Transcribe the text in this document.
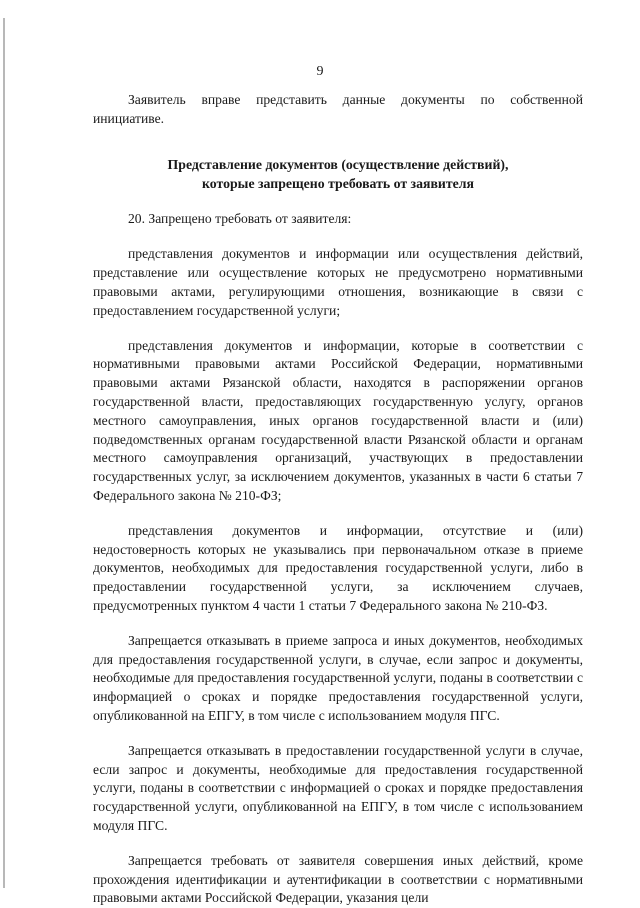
9

Заявитель вправе представить данные документы по собственной инициативе.

Представление документов (осуществление действий),
которые запрещено требовать от заявителя

20. Запрещено требовать от заявителя:

представления документов и информации или осуществления действий, представление или осуществление которых не предусмотрено нормативными правовыми актами, регулирующими отношения, возникающие в связи с предоставлением государственной услуги;

представления документов и информации, которые в соответствии с нормативными правовыми актами Российской Федерации, нормативными правовыми актами Рязанской области, находятся в распоряжении органов государственной власти, предоставляющих государственную услугу, органов местного самоуправления, иных органов государственной власти и (или) подведомственных органам государственной власти Рязанской области и органам местного самоуправления организаций, участвующих в предоставлении государственных услуг, за исключением документов, указанных в части 6 статьи 7 Федерального закона № 210-ФЗ;

представления документов и информации, отсутствие и (или) недостоверность которых не указывались при первоначальном отказе в приеме документов, необходимых для предоставления государственной услуги, либо в предоставлении государственной услуги, за исключением случаев, предусмотренных пунктом 4 части 1 статьи 7 Федерального закона № 210-ФЗ.

Запрещается отказывать в приеме запроса и иных документов, необходимых для предоставления государственной услуги, в случае, если запрос и документы, необходимые для предоставления государственной услуги, поданы в соответствии с информацией о сроках и порядке предоставления государственной услуги, опубликованной на ЕПГУ, в том числе с использованием модуля ПГС.

Запрещается отказывать в предоставлении государственной услуги в случае, если запрос и документы, необходимые для предоставления государственной услуги, поданы в соответствии с информацией о сроках и порядке предоставления государственной услуги, опубликованной на ЕПГУ, в том числе с использованием модуля ПГС.

Запрещается требовать от заявителя совершения иных действий, кроме прохождения идентификации и аутентификации в соответствии с нормативными правовыми актами Российской Федерации, указания цели
